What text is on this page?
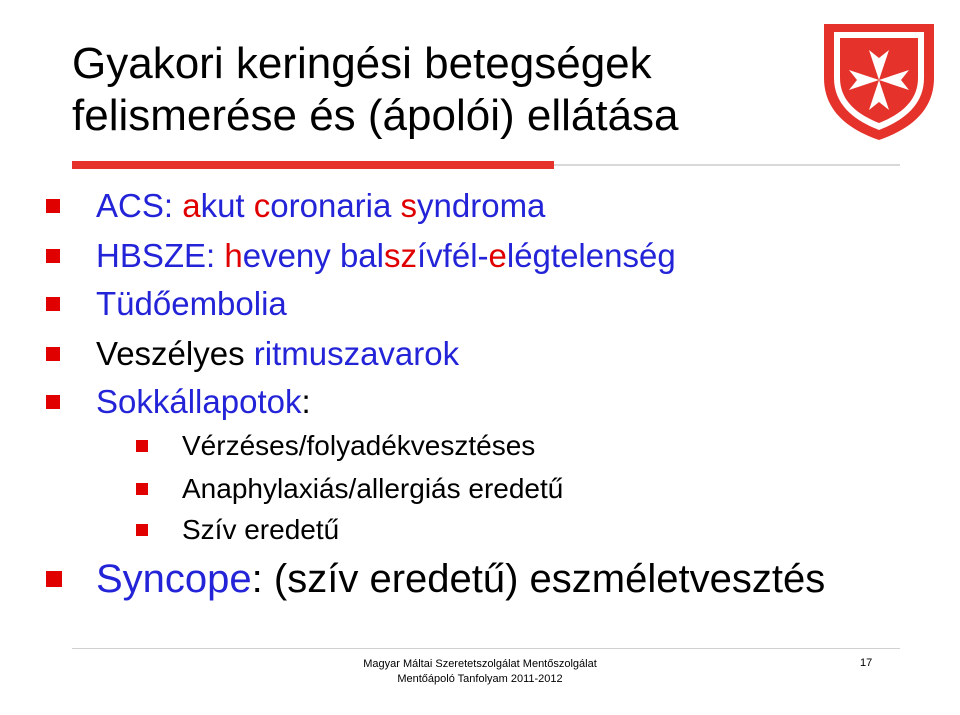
Gyakori keringési betegségek
felismerése és (ápolói) ellátása
ACS: akut coronaria syndroma
HBSZE: heveny balszívfél-elégtelenség
Tüdőembolia
Veszélyes ritmuszavarok
Sokkállapotok:
Vérzéses/folyadékvesztéses
Anaphylaxiás/allergiás eredetű
Szív eredetű
Syncope: (szív eredetű) eszméletvesztés
Magyar Máltai Szeretetszolgálat Mentőszolgálat
Mentőápoló Tanfolyam 2011-2012
17
